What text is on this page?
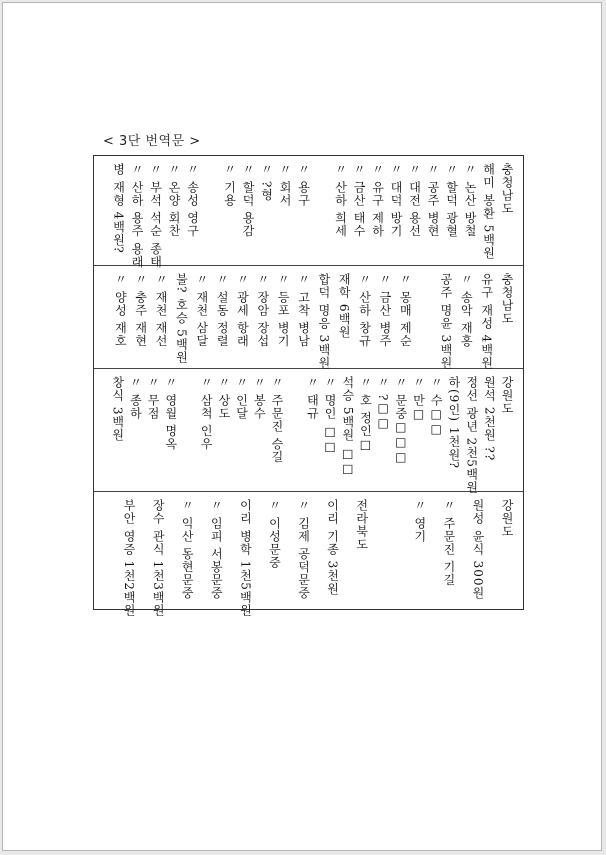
< 3단 번역문 >
충청남도
해미 봉환 5백원
논산 방철 〃
할덕 광혈 〃
공주 병현 〃
대전 용선 〃
대덕 방기 〃
유구 제하 〃
금산 태수 〃
산하 희세 〃
용구 〃
회서 〃
형? 〃
할덕 용감 〃
기용 〃
송성 영구 〃
온양 회찬 〃
부석 석순 종태 〃
산하 용주 용래 〃
?병 재형 4백원
충청남도
유구 재성 4백원
송악 재홍 〃
공주 명윤 3백원
몽매 제순 〃
금산 병주 〃
산하 창규 〃
재학 6백원
합덕 명응 3백원
고착 병남 〃
등포 병기 〃
장암 장섭 〃
광세 항래 〃
설동 정렬 〃
재천 삼달 〃
불? 호승 5백원
재천 재선 〃
충주 재현 〃
양성 재호 〃
강원도
?? 원석 2천원
정선 광년 2천5백원
?하(9인) 1천원
□□수 〃
□만 〃
□□□문중 〃
□□? 〃
□호 정인 〃
□□ 석승 5백원
□□ 명인 〃
태규 〃
주문진 승길 〃
봉수 〃
인달 〃
상도 〃
삼척 인우 〃
영월 명옥 〃
무점 〃
종하 〃
창식 3백원
강원도
원성 윤식 300원
주문진 기길 〃
영기 〃
전라북도
이리 기종 3천원
김제 공덕문중 〃
이성문중 〃
이리 병학 1천5백원
임피 서봉문중 〃
익산 동현문중 〃
장수 관식 1천3백원
부안 영증 1천2백원
